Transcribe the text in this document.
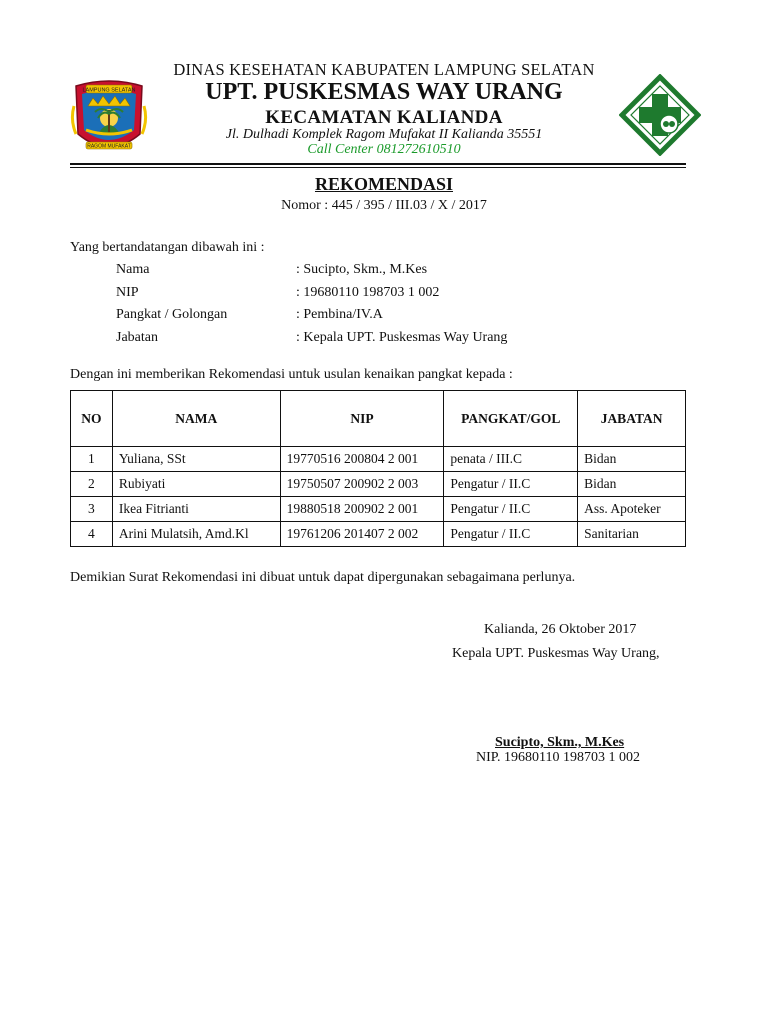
LAMPUNG SELATAN
RAGOM MUFAKAT
DINAS KESEHATAN KABUPATEN LAMPUNG SELATAN
UPT. PUSKESMAS WAY URANG
KECAMATAN KALIANDA
Jl. Dulhadi Komplek Ragom Mufakat II Kalianda 35551
Call Center 081272610510
REKOMENDASI
Nomor : 445 / 395 / III.03 / X / 2017
Yang bertandatangan dibawah ini :
Nama	: Sucipto, Skm., M.Kes
NIP	: 19680110 198703 1 002
Pangkat / Golongan	: Pembina/IV.A
Jabatan	: Kepala UPT. Puskesmas Way Urang
Dengan ini memberikan Rekomendasi untuk usulan kenaikan pangkat kepada :
NO	NAMA	NIP	PANGKAT/GOL	JABATAN
1	Yuliana, SSt	19770516 200804 2 001	penata / III.C	Bidan
2	Rubiyati	19750507 200902 2 003	Pengatur / II.C	Bidan
3	Ikea Fitrianti	19880518 200902 2 001	Pengatur / II.C	Ass. Apoteker
4	Arini Mulatsih, Amd.Kl	19761206 201407 2 002	Pengatur / II.C	Sanitarian
Demikian Surat Rekomendasi ini dibuat untuk dapat dipergunakan sebagaimana perlunya.
Kalianda, 26 Oktober 2017
Kepala UPT. Puskesmas Way Urang,
Sucipto, Skm., M.Kes
NIP. 19680110 198703 1 002
